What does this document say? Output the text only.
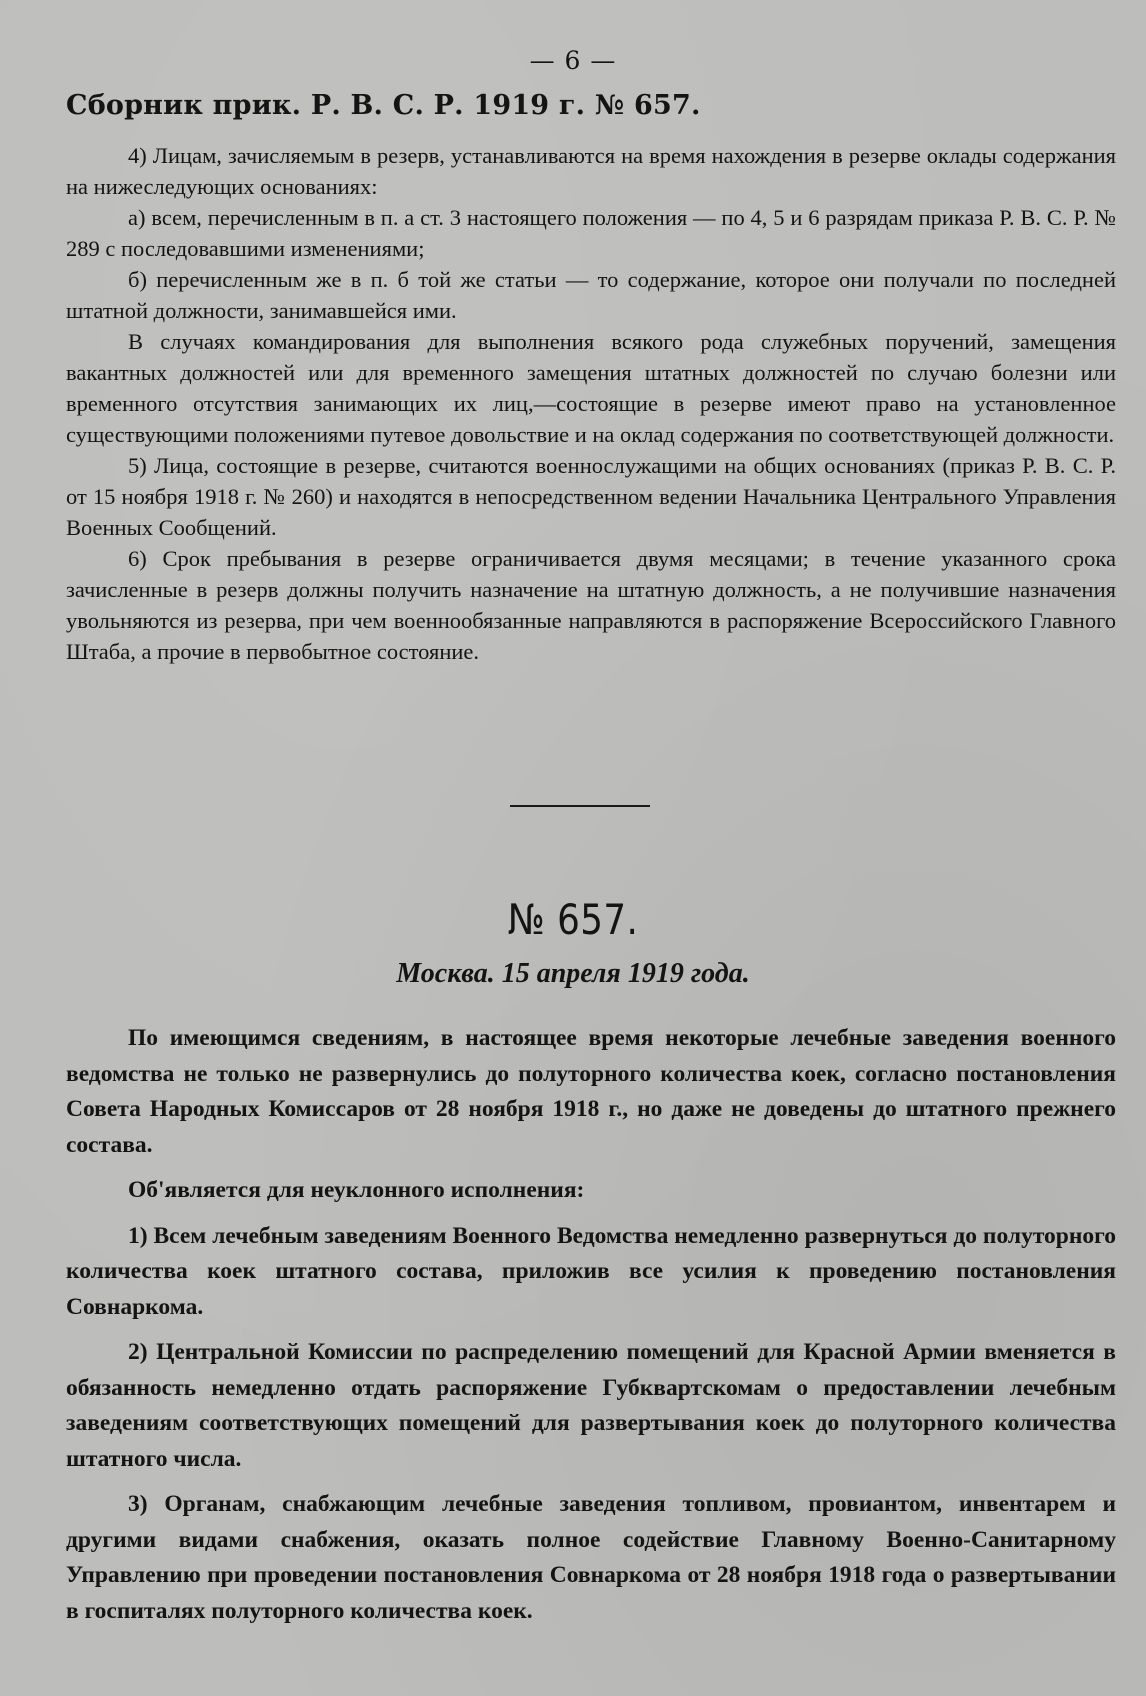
— 6 —
Сборник прик. Р. В. С. Р. 1919 г. № 657.

4) Лицам, зачисляемым в резерв, устанавливаются на время нахождения в резерве оклады содержания на нижеследующих основаниях:

а) всем, перечисленным в п. а ст. 3 настоящего положения — по 4, 5 и 6 разрядам приказа Р. В. С. Р. № 289 с последовавшими изменениями;

б) перечисленным же в п. б той же статьи — то содержание, которое они получали по последней штатной должности, занимавшейся ими.

В случаях командирования для выполнения всякого рода служебных поручений, замещения вакантных должностей или для временного замещения штатных должностей по случаю болезни или временного отсутствия занимающих их лиц,—состоящие в резерве имеют право на установленное существующими положениями путевое довольствие и на оклад содержания по соответствующей должности.

5) Лица, состоящие в резерве, считаются военнослужащими на общих основаниях (приказ Р. В. С. Р. от 15 ноября 1918 г. № 260) и находятся в непосредственном ведении Начальника Центрального Управления Военных Сообщений.

6) Срок пребывания в резерве ограничивается двумя месяцами; в течение указанного срока зачисленные в резерв должны получить назначение на штатную должность, а не получившие назначения увольняются из резерва, при чем военнообязанные направляются в распоряжение Всероссийского Главного Штаба, а прочие в первобытное состояние.

№ 657.
Москва. 15 апреля 1919 года.

По имеющимся сведениям, в настоящее время некоторые лечебные заведения военного ведомства не только не развернулись до полуторного количества коек, согласно постановления Совета Народных Комиссаров от 28 ноября 1918 г., но даже не доведены до штатного прежнего состава.

Об'является для неуклонного исполнения:

1) Всем лечебным заведениям Военного Ведомства немедленно развернуться до полуторного количества коек штатного состава, приложив все усилия к проведению постановления Совнаркома.

2) Центральной Комиссии по распределению помещений для Красной Армии вменяется в обязанность немедленно отдать распоряжение Губквартскомам о предоставлении лечебным заведениям соответствующих помещений для развертывания коек до полуторного количества штатного числа.

3) Органам, снабжающим лечебные заведения топливом, провиантом, инвентарем и другими видами снабжения, оказать полное содействие Главному Военно-Санитарному Управлению при проведении постановления Совнаркома от 28 ноября 1918 года о развертывании в госпиталях полуторного количества коек.
